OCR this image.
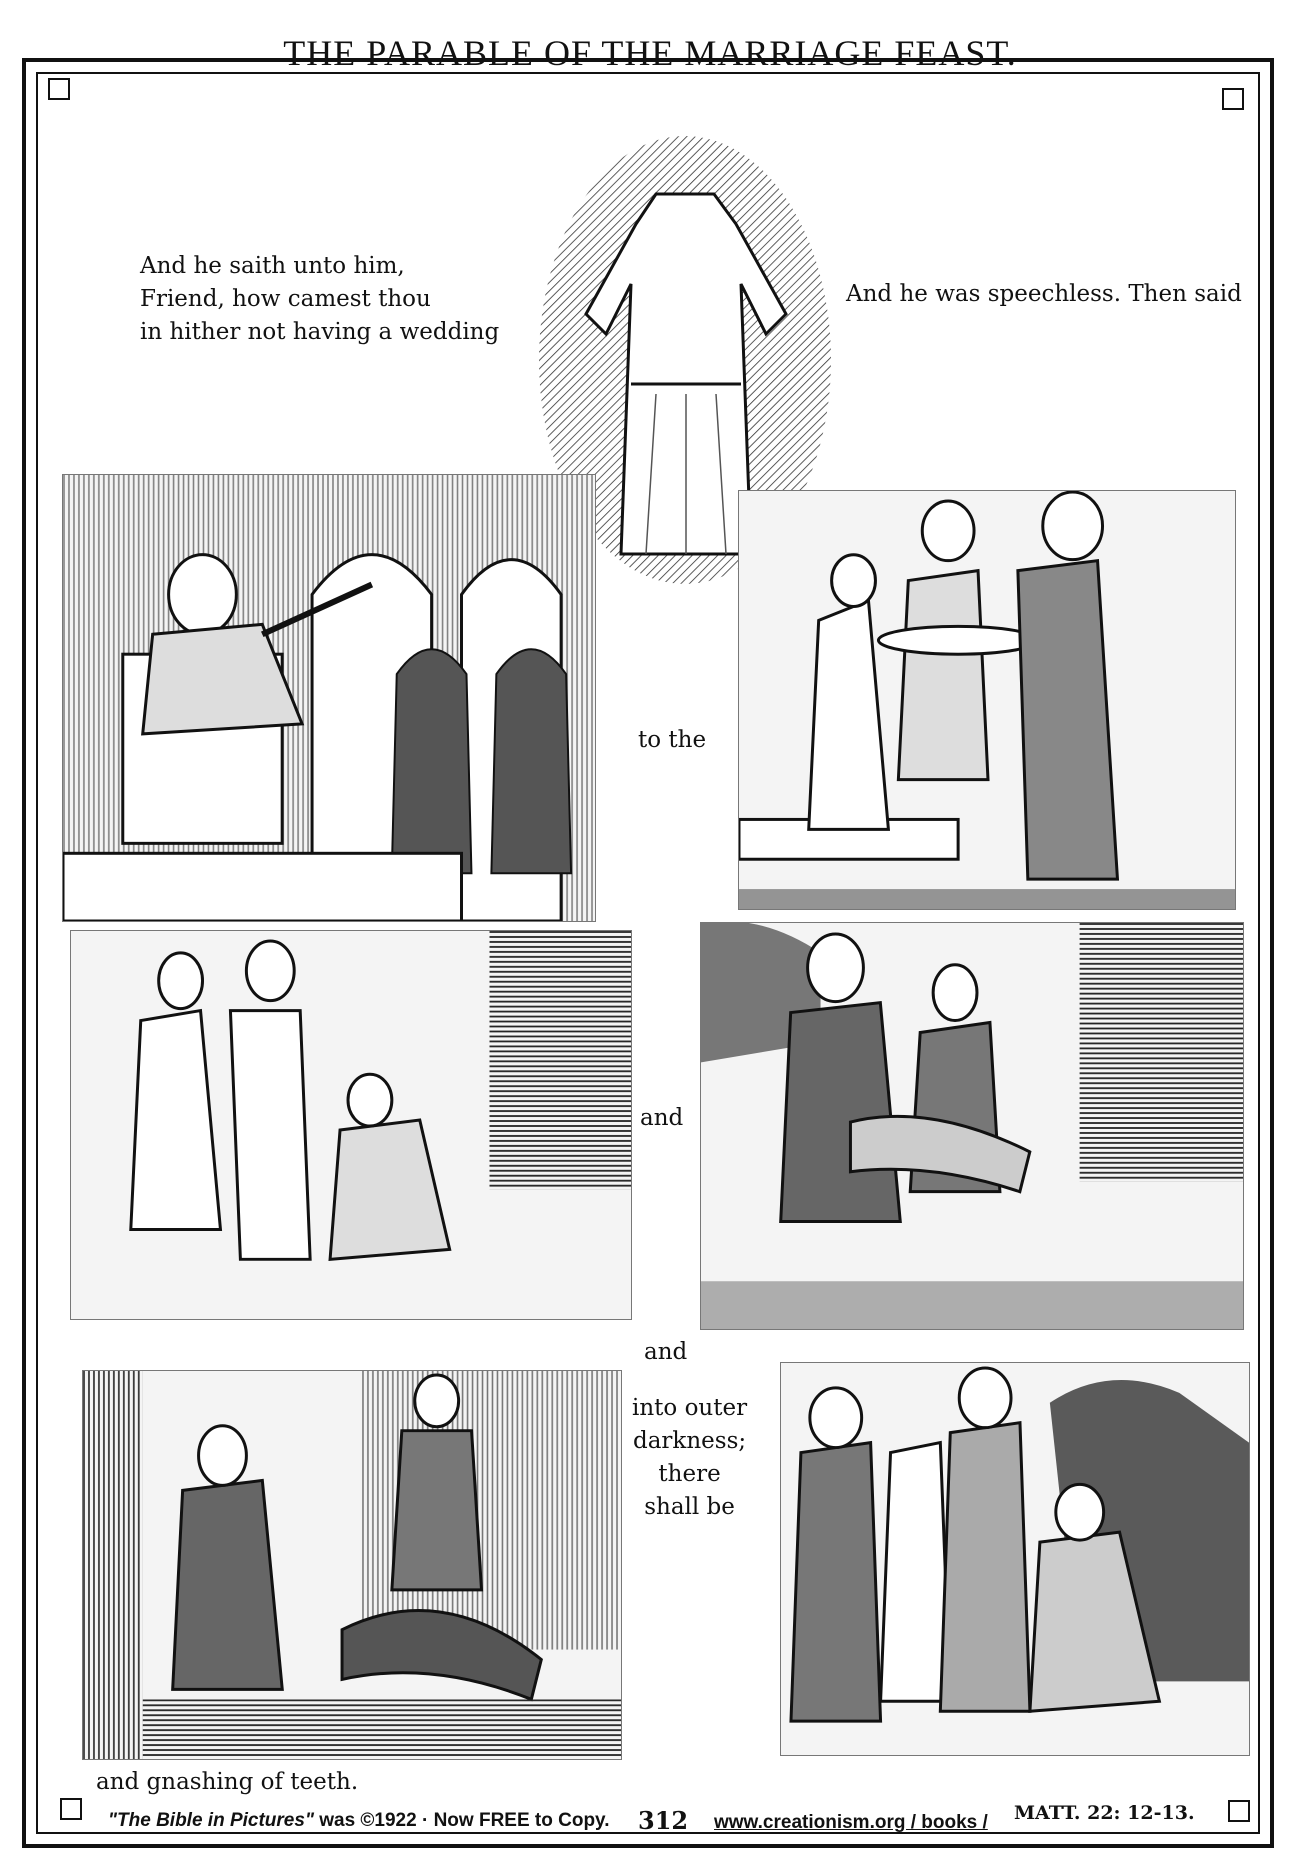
THE PARABLE OF THE MARRIAGE FEAST.
And he saith unto him,
Friend, how camest thou
in hither not having a wedding
And he was speechless. Then said
to the
and
and
into outer
darkness;
there
shall be
and gnashing of teeth.
"The Bible in Pictures" was ©1922 · Now FREE to Copy. 312 www.creationism.org / books / MATT. 22: 12-13.
